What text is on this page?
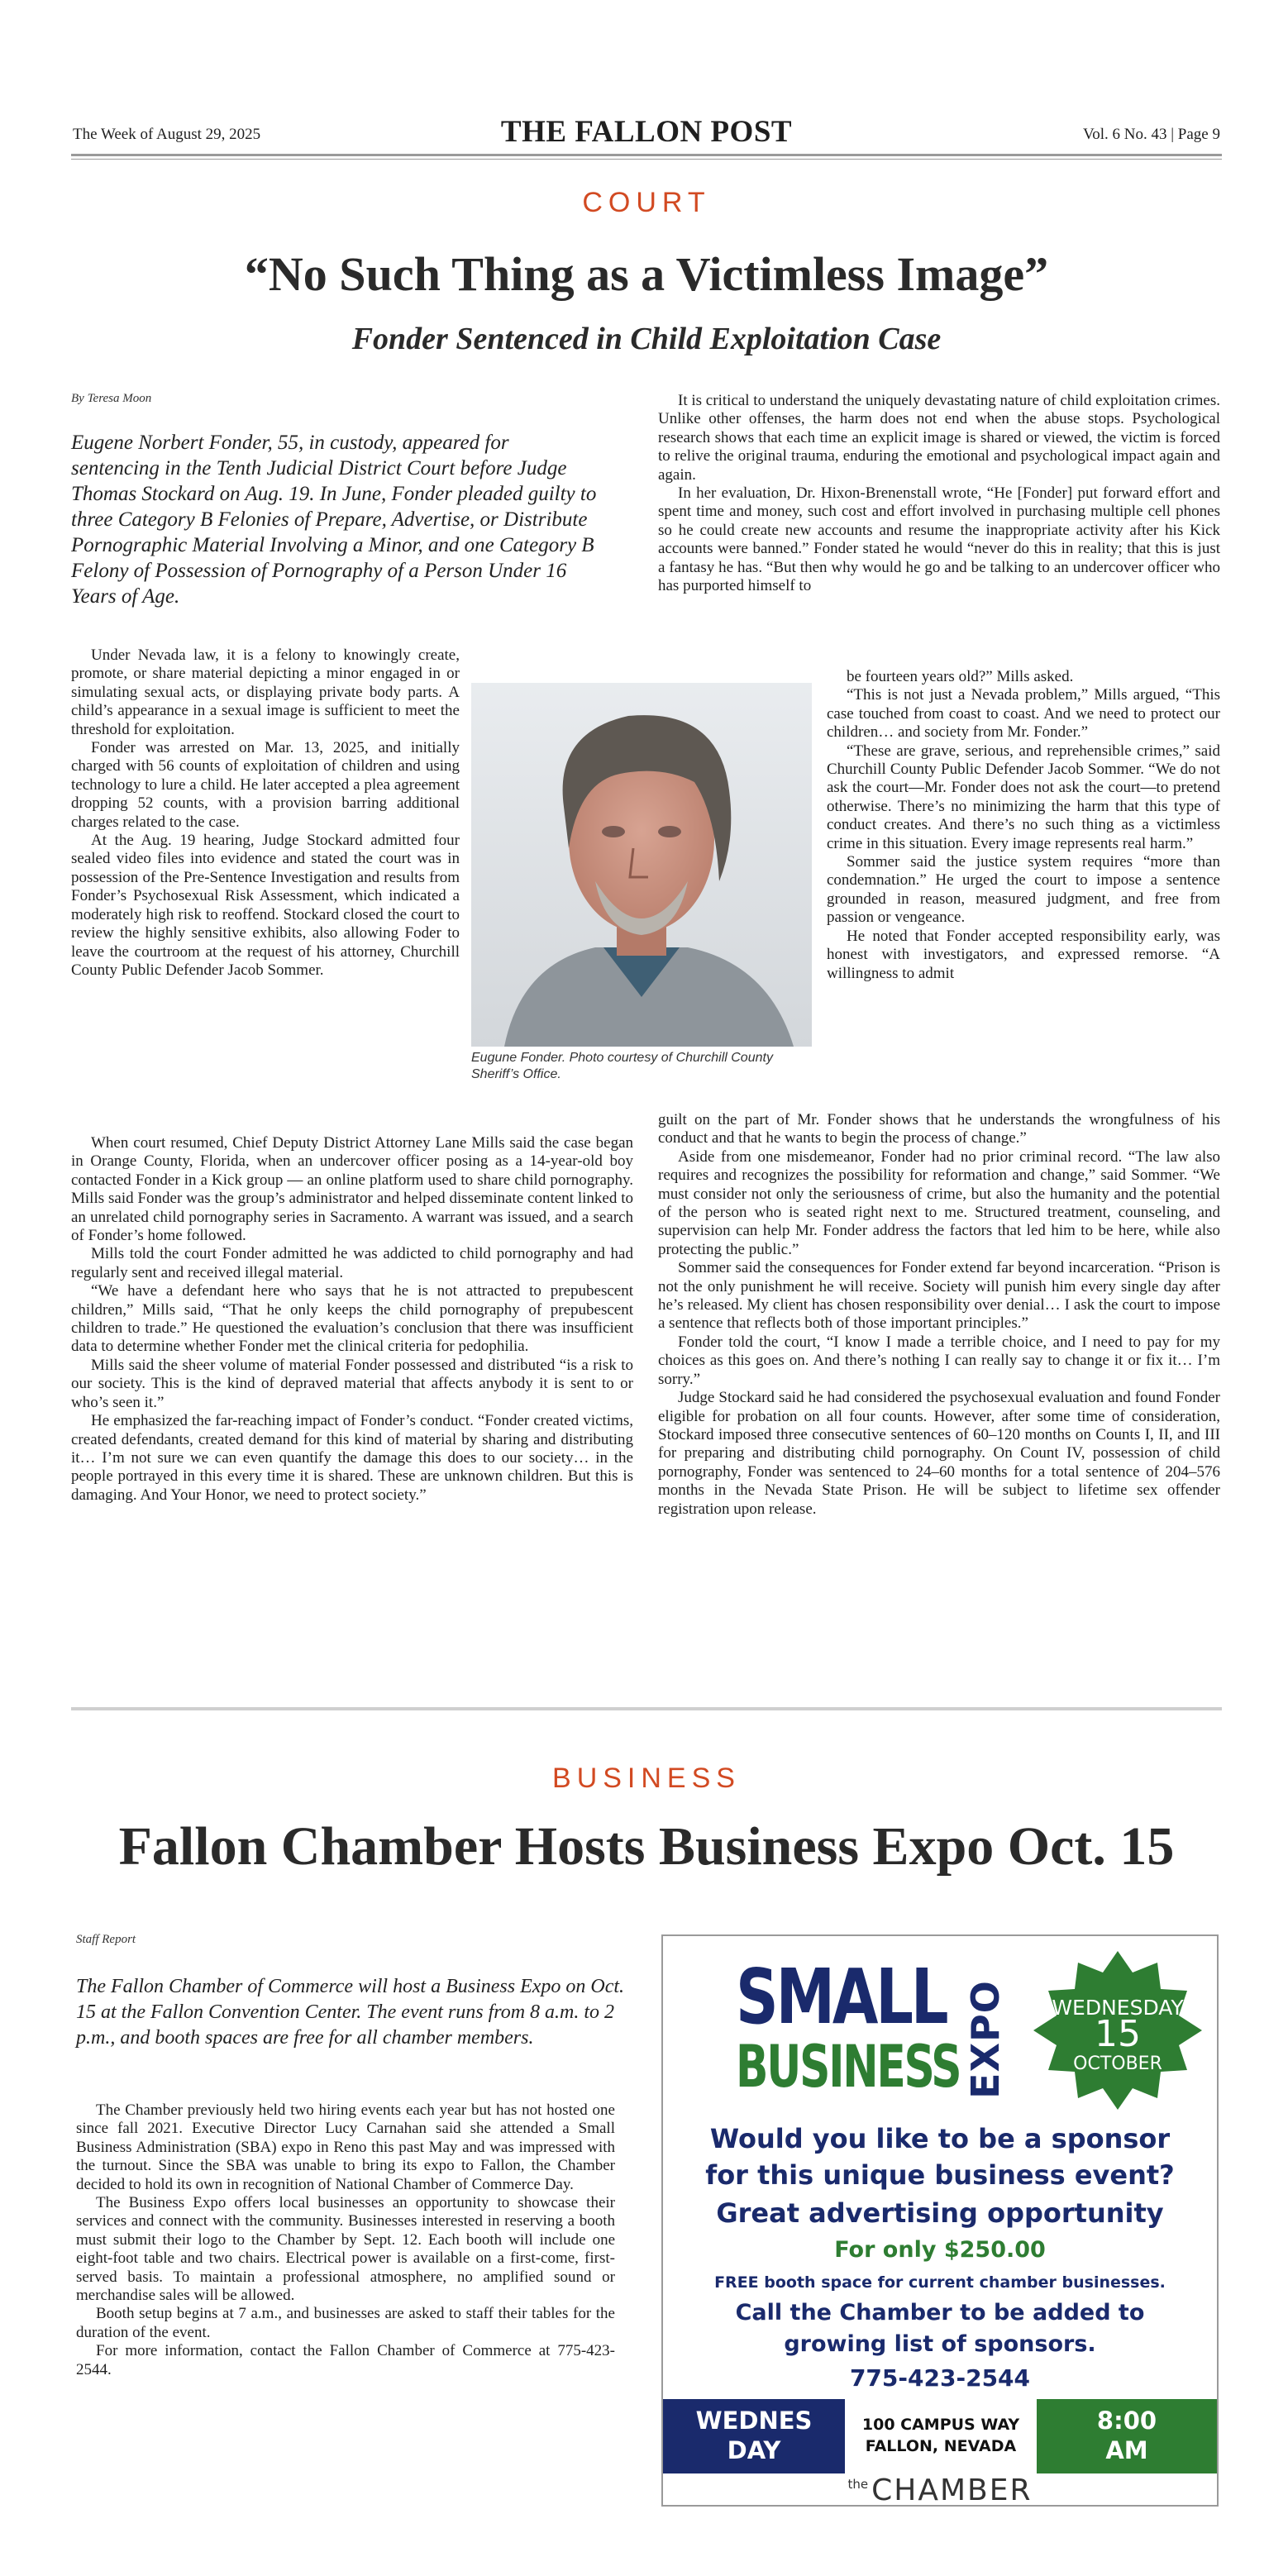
The Week of August 29, 2025	THE FALLON POST	Vol. 6 No. 43 | Page 9
COURT
“No Such Thing as a Victimless Image”
Fonder Sentenced in Child Exploitation Case
By Teresa Moon
Eugene Norbert Fonder, 55, in custody, appeared for sentencing in the Tenth Judicial District Court before Judge Thomas Stockard on Aug. 19. In June, Fonder pleaded guilty to three Category B Felonies of Prepare, Advertise, or Distribute Pornographic Material Involving a Minor, and one Category B Felony of Possession of Pornography of a Person Under 16 Years of Age.

Under Nevada law, it is a felony to knowingly create, promote, or share material depicting a minor engaged in or simulating sexual acts, or displaying private body parts. A child’s appearance in a sexual image is sufficient to meet the threshold for exploitation.

Fonder was arrested on Mar. 13, 2025, and initially charged with 56 counts of exploitation of children and using technology to lure a child. He later accepted a plea agreement dropping 52 counts, with a provision barring additional charges related to the case.

At the Aug. 19 hearing, Judge Stockard admitted four sealed video files into evidence and stated the court was in possession of the Pre-Sentence Investigation and results from Fonder’s Psychosexual Risk Assessment, which indicated a moderately high risk to reoffend. Stockard closed the court to review the highly sensitive exhibits, also allowing Foder to leave the courtroom at the request of his attorney, Churchill County Public Defender Jacob Sommer.

Eugune Fonder. Photo courtesy of Churchill County Sheriff’s Office.

When court resumed, Chief Deputy District Attorney Lane Mills said the case began in Orange County, Florida, when an undercover officer posing as a 14-year-old boy contacted Fonder in a Kick group — an online platform used to share child pornography. Mills said Fonder was the group’s administrator and helped disseminate content linked to an unrelated child pornography series in Sacramento. A warrant was issued, and a search of Fonder’s home followed.

Mills told the court Fonder admitted he was addicted to child pornography and had regularly sent and received illegal material.

“We have a defendant here who says that he is not attracted to prepubescent children,” Mills said, “That he only keeps the child pornography of prepubescent children to trade.” He questioned the evaluation’s conclusion that there was insufficient data to determine whether Fonder met the clinical criteria for pedophilia.

Mills said the sheer volume of material Fonder possessed and distributed “is a risk to our society. This is the kind of depraved material that affects anybody it is sent to or who’s seen it.”

He emphasized the far-reaching impact of Fonder’s conduct. “Fonder created victims, created defendants, created demand for this kind of material by sharing and distributing it… I’m not sure we can even quantify the damage this does to our society… in the people portrayed in this every time it is shared. These are unknown children. But this is damaging. And Your Honor, we need to protect society.”

It is critical to understand the uniquely devastating nature of child exploitation crimes. Unlike other offenses, the harm does not end when the abuse stops. Psychological research shows that each time an explicit image is shared or viewed, the victim is forced to relive the original trauma, enduring the emotional and psychological impact again and again.

In her evaluation, Dr. Hixon-Brenenstall wrote, “He [Fonder] put forward effort and spent time and money, such cost and effort involved in purchasing multiple cell phones so he could create new accounts and resume the inappropriate activity after his Kick accounts were banned.” Fonder stated he would “never do this in reality; that this is just a fantasy he has. “But then why would he go and be talking to an undercover officer who has purported himself to

be fourteen years old?” Mills asked.

“This is not just a Nevada problem,” Mills argued, “This case touched from coast to coast. And we need to protect our children… and society from Mr. Fonder.”

“These are grave, serious, and reprehensible crimes,” said Churchill County Public Defender Jacob Sommer. “We do not ask the court—Mr. Fonder does not ask the court—to pretend otherwise. There’s no minimizing the harm that this type of conduct creates. And there’s no such thing as a victimless crime in this situation. Every image represents real harm.”

Sommer said the justice system requires “more than condemnation.” He urged the court to impose a sentence grounded in reason, measured judgment, and free from passion or vengeance.

He noted that Fonder accepted responsibility early, was honest with investigators, and expressed remorse. “A willingness to admit

guilt on the part of Mr. Fonder shows that he understands the wrongfulness of his conduct and that he wants to begin the process of change.”

Aside from one misdemeanor, Fonder had no prior criminal record. “The law also requires and recognizes the possibility for reformation and change,” said Sommer. “We must consider not only the seriousness of crime, but also the humanity and the potential of the person who is seated right next to me. Structured treatment, counseling, and supervision can help Mr. Fonder address the factors that led him to be here, while also protecting the public.”

Sommer said the consequences for Fonder extend far beyond incarceration. “Prison is not the only punishment he will receive. Society will punish him every single day after he’s released. My client has chosen responsibility over denial… I ask the court to impose a sentence that reflects both of those important principles.”

Fonder told the court, “I know I made a terrible choice, and I need to pay for my choices as this goes on. And there’s nothing I can really say to change it or fix it… I’m sorry.”

Judge Stockard said he had considered the psychosexual evaluation and found Fonder eligible for probation on all four counts. However, after some time of consideration, Stockard imposed three consecutive sentences of 60–120 months on Counts I, II, and III for preparing and distributing child pornography. On Count IV, possession of child pornography, Fonder was sentenced to 24–60 months for a total sentence of 204–576 months in the Nevada State Prison. He will be subject to lifetime sex offender registration upon release.

BUSINESS
Fallon Chamber Hosts Business Expo Oct. 15
Staff Report
The Fallon Chamber of Commerce will host a Business Expo on Oct. 15 at the Fallon Convention Center. The event runs from 8 a.m. to 2 p.m., and booth spaces are free for all chamber members.

The Chamber previously held two hiring events each year but has not hosted one since fall 2021. Executive Director Lucy Carnahan said she attended a Small Business Administration (SBA) expo in Reno this past May and was impressed with the turnout. Since the SBA was unable to bring its expo to Fallon, the Chamber decided to hold its own in recognition of National Chamber of Commerce Day.

The Business Expo offers local businesses an opportunity to showcase their services and connect with the community. Businesses interested in reserving a booth must submit their logo to the Chamber by Sept. 12. Each booth will include one eight-foot table and two chairs. Electrical power is available on a first-come, first-served basis. To maintain a professional atmosphere, no amplified sound or merchandise sales will be allowed.

Booth setup begins at 7 a.m., and businesses are asked to staff their tables for the duration of the event.

For more information, contact the Fallon Chamber of Commerce at 775-423-2544.

SMALL
BUSINESS EXPO	WEDNESDAY
15
OCTOBER
Would you like to be a sponsor
for this unique business event?
Great advertising opportunity
For only $250.00
FREE booth space for current chamber businesses.
Call the Chamber to be added to
growing list of sponsors.
775-423-2544
WEDNES
DAY
100 CAMPUS WAY
FALLON, NEVADA
8:00
AM
$^{the}$ CHAMBER
